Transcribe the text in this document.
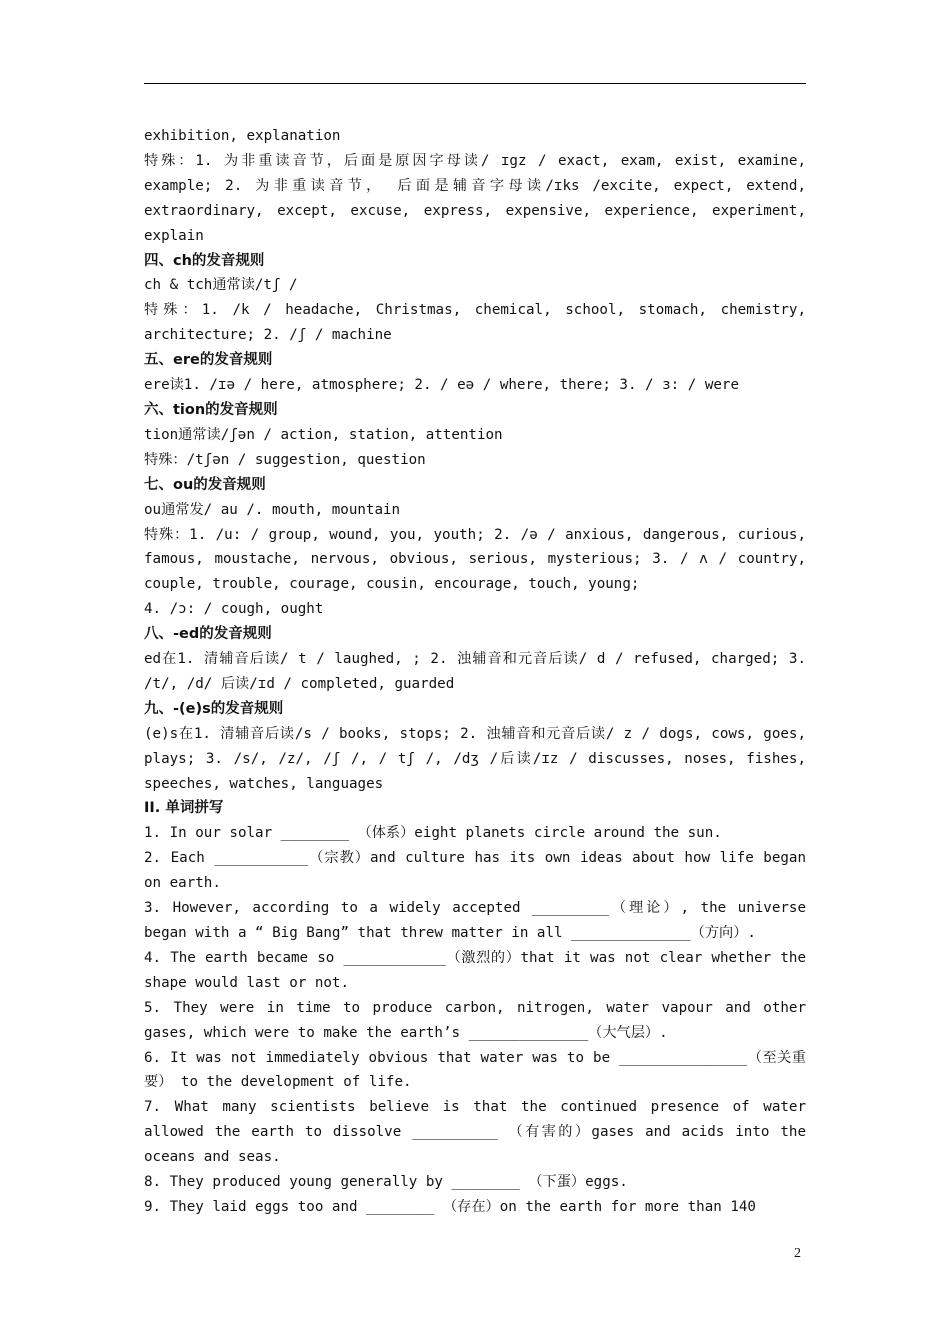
exhibition, explanation

特殊：1. 为非重读音节，后面是原因字母读/ ɪgz / exact, exam, exist, examine, example; 2. 为非重读音节， 后面是辅音字母读/ɪks /excite, expect, extend, extraordinary, except, excuse, express, expensive, experience, experiment, explain

四、ch的发音规则

ch & tch通常读/tʃ /

特殊：1. /k / headache, Christmas, chemical, school, stomach, chemistry, architecture; 2. /ʃ / machine

五、ere的发音规则

ere读1. /ɪə / here, atmosphere; 2. / eə / where, there; 3. / ɜ: / were

六、tion的发音规则

tion通常读/ʃən / action, station, attention

特殊：/tʃən / suggestion, question

七、ou的发音规则

ou通常发/ au /. mouth, mountain

特殊：1. /u: / group, wound, you, youth; 2. /ə / anxious, dangerous, curious, famous, moustache, nervous, obvious, serious, mysterious; 3. / ʌ / country, couple, trouble, courage, cousin, encourage, touch, young;

4. /ɔ: / cough, ought

八、-ed的发音规则

ed在1. 清辅音后读/ t / laughed, ; 2. 浊辅音和元音后读/ d / refused, charged; 3. /t/, /d/ 后读/ɪd / completed, guarded

九、-(e)s的发音规则

(e)s在1. 清辅音后读/s / books, stops; 2. 浊辅音和元音后读/ z / dogs, cows, goes, plays; 3. /s/, /z/, /ʃ /, / tʃ /, /dʒ /后读/ɪz / discusses, noses, fishes, speeches, watches, languages

II. 单词拼写

1. In our solar ________ （体系）eight planets circle around the sun.

2. Each ___________（宗教）and culture has its own ideas about how life began on earth.

3. However, according to a widely accepted _________（理论）, the universe began with a “ Big Bang” that threw matter in all ______________（方向）.

4. The earth became so ____________（激烈的）that it was not clear whether the shape would last or not.

5. They were in time to produce carbon, nitrogen, water vapour and other gases, which were to make the earth’s ______________（大气层）.

6. It was not immediately obvious that water was to be _______________（至关重要） to the development of life.

7. What many scientists believe is that the continued presence of water allowed the earth to dissolve __________ （有害的）gases and acids into the oceans and seas.

8. They produced young generally by ________ （下蛋）eggs.

9. They laid eggs too and ________ （存在）on the earth for more than 140

2
